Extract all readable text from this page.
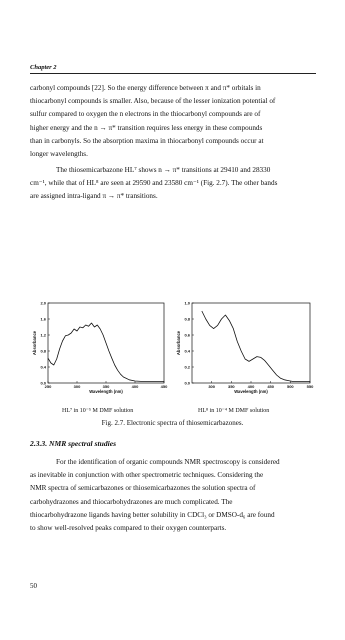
Chapter 2

carbonyl compounds [22]. So the energy difference between π and π* orbitals in
thiocarbonyl compounds is smaller. Also, because of the lesser ionization potential of
sulfur compared to oxygen the n electrons in the thiocarbonyl compounds are of
higher energy and the n → π* transition requires less energy in these compounds
than in carbonyls. So the absorption maxima in thiocarbonyl compounds occur at
longer wavelengths.

The thiosemicarbazone HL⁷ shows n → π* transitions at 29410 and 28330
cm⁻¹, while that of HL⁸ are seen at 29590 and 23580 cm⁻¹ (Fig. 2.7). The other bands
are assigned intra-ligand π → π* transitions.

0.0
0.4
0.8
1.2
1.6
2.0
250	300	350	400	450
Wavelength (nm)
Absorbance
0.0
0.2
0.4
0.6
0.8
1.0
300	350	400	450	500	550
Wavelength (nm)
Absorbance
HL⁷ in 10⁻⁵ M DMF solution	HL⁸ in 10⁻⁴ M DMF solution
Fig. 2.7. Electronic spectra of thiosemicarbazones.
2.3.3. NMR spectral studies

For the identification of organic compounds NMR spectroscopy is considered
as inevitable in conjunction with other spectrometric techniques. Considering the
NMR spectra of semicarbazones or thiosemicarbazones the solution spectra of
carbohydrazones and thiocarbohydrazones are much complicated. The
thiocarbohydrazone ligands having better solubility in CDCl₃ or DMSO-d₆ are found
to show well-resolved peaks compared to their oxygen counterparts.

50
